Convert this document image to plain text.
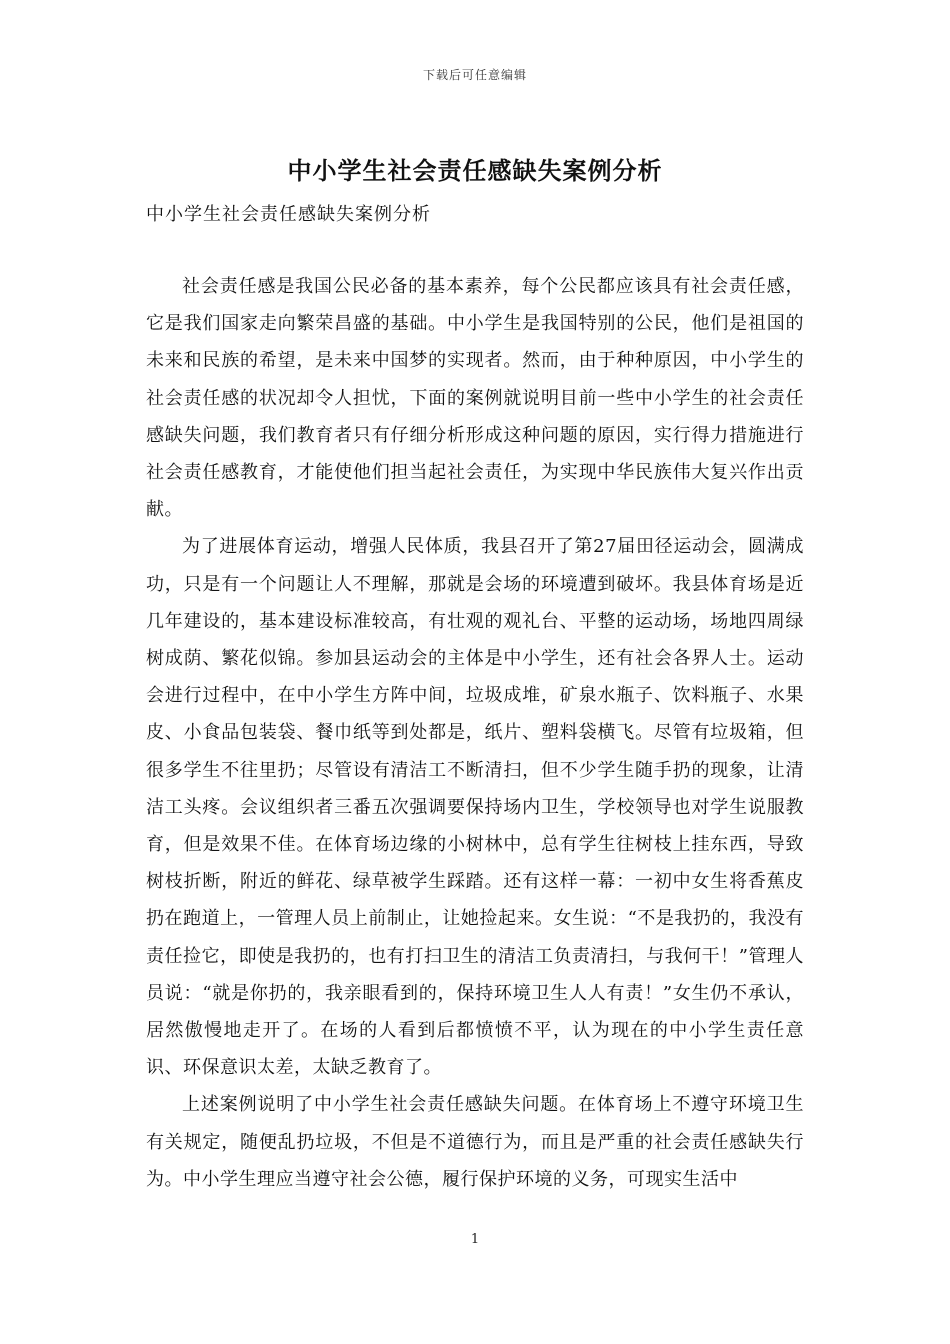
下载后可任意编辑
中小学生社会责任感缺失案例分析

中小学生社会责任感缺失案例分析

社会责任感是我国公民必备的基本素养，每个公民都应该具有社会责任感，它是我们国家走向繁荣昌盛的基础。中小学生是我国特别的公民，他们是祖国的未来和民族的希望，是未来中国梦的实现者。然而，由于种种原因，中小学生的社会责任感的状况却令人担忧，下面的案例就说明目前一些中小学生的社会责任感缺失问题，我们教育者只有仔细分析形成这种问题的原因，实行得力措施进行社会责任感教育，才能使他们担当起社会责任，为实现中华民族伟大复兴作出贡献。

为了进展体育运动，增强人民体质，我县召开了第27届田径运动会，圆满成功，只是有一个问题让人不理解，那就是会场的环境遭到破坏。我县体育场是近几年建设的，基本建设标准较高，有壮观的观礼台、平整的运动场，场地四周绿树成荫、繁花似锦。参加县运动会的主体是中小学生，还有社会各界人士。运动会进行过程中，在中小学生方阵中间，垃圾成堆，矿泉水瓶子、饮料瓶子、水果皮、小食品包装袋、餐巾纸等到处都是，纸片、塑料袋横飞。尽管有垃圾箱，但很多学生不往里扔；尽管设有清洁工不断清扫，但不少学生随手扔的现象，让清洁工头疼。会议组织者三番五次强调要保持场内卫生，学校领导也对学生说服教育，但是效果不佳。在体育场边缘的小树林中，总有学生往树枝上挂东西，导致树枝折断，附近的鲜花、绿草被学生踩踏。还有这样一幕：一初中女生将香蕉皮扔在跑道上，一管理人员上前制止，让她捡起来。女生说：“不是我扔的，我没有责任捡它，即使是我扔的，也有打扫卫生的清洁工负责清扫，与我何干！”管理人员说：“就是你扔的，我亲眼看到的，保持环境卫生人人有责！”女生仍不承认，居然傲慢地走开了。在场的人看到后都愤愤不平，认为现在的中小学生责任意识、环保意识太差，太缺乏教育了。

上述案例说明了中小学生社会责任感缺失问题。在体育场上不遵守环境卫生有关规定，随便乱扔垃圾，不但是不道德行为，而且是严重的社会责任感缺失行为。中小学生理应当遵守社会公德，履行保护环境的义务，可现实生活中

1
